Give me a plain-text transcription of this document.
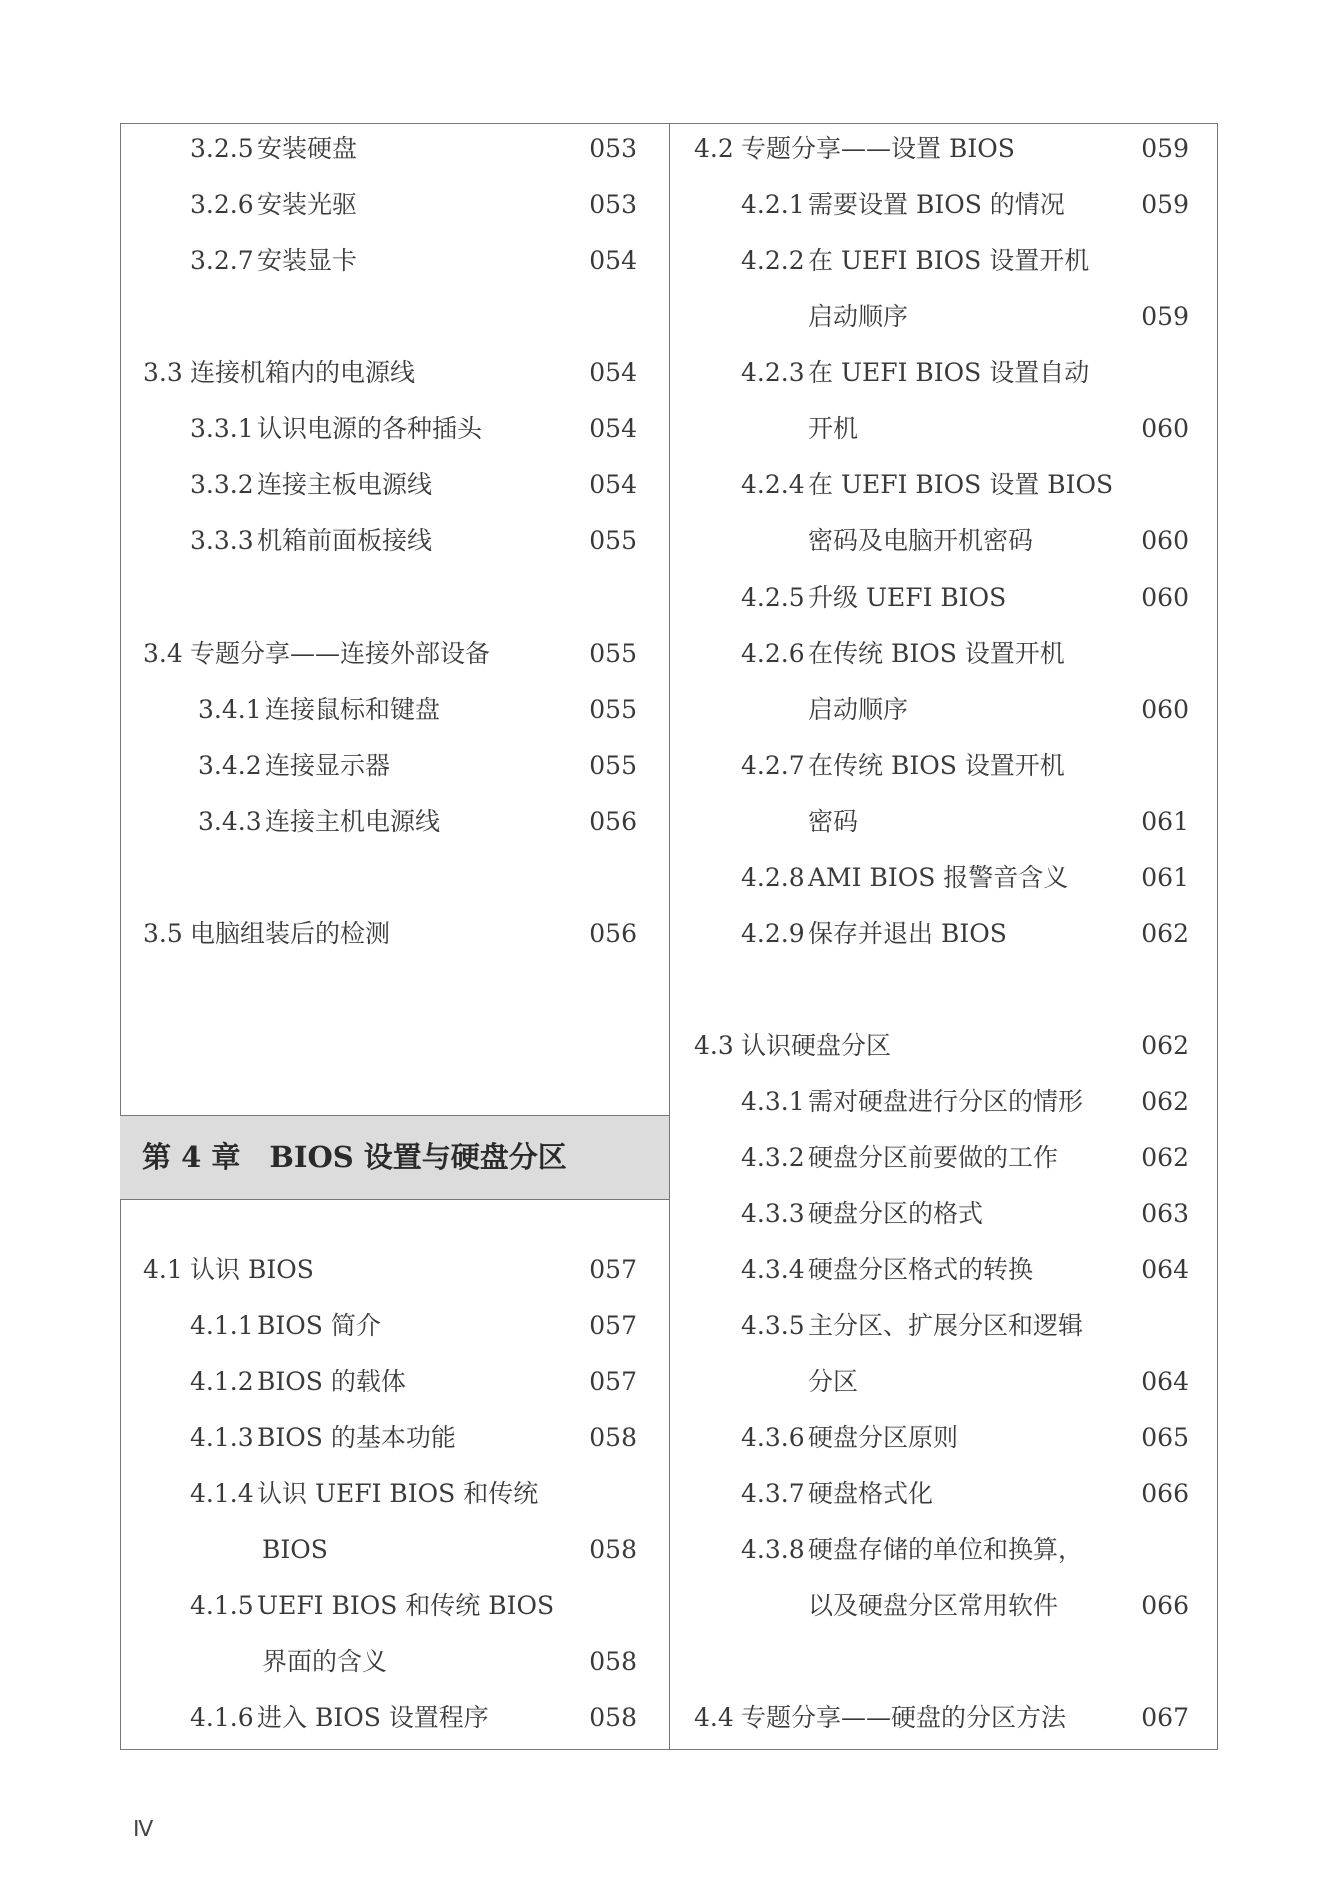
3.2.5 安装硬盘	053
3.2.6 安装光驱	053
3.2.7 安装显卡	054
3.3 连接机箱内的电源线	054
3.3.1 认识电源的各种插头	054
3.3.2 连接主板电源线	054
3.3.3 机箱前面板接线	055
3.4 专题分享——连接外部设备	055
3.4.1 连接鼠标和键盘	055
3.4.2 连接显示器	055
3.4.3 连接主机电源线	056
3.5 电脑组装后的检测	056
4.1 认识 BIOS	057
4.1.1 BIOS 简介	057
4.1.2 BIOS 的载体	057
4.1.3 BIOS 的基本功能	058
4.1.4 认识 UEFI BIOS 和传统
BIOS	058
4.1.5 UEFI BIOS 和传统 BIOS
界面的含义	058
4.1.6 进入 BIOS 设置程序	058
第 4 章　BIOS 设置与硬盘分区
4.2 专题分享——设置 BIOS	059
4.2.1 需要设置 BIOS 的情况	059
4.2.2 在 UEFI BIOS 设置开机
启动顺序	059
4.2.3 在 UEFI BIOS 设置自动
开机	060
4.2.4 在 UEFI BIOS 设置 BIOS
密码及电脑开机密码	060
4.2.5 升级 UEFI BIOS	060
4.2.6 在传统 BIOS 设置开机
启动顺序	060
4.2.7 在传统 BIOS 设置开机
密码	061
4.2.8 AMI BIOS 报警音含义	061
4.2.9 保存并退出 BIOS	062
4.3 认识硬盘分区	062
4.3.1 需对硬盘进行分区的情形	062
4.3.2 硬盘分区前要做的工作	062
4.3.3 硬盘分区的格式	063
4.3.4 硬盘分区格式的转换	064
4.3.5 主分区、扩展分区和逻辑
分区	064
4.3.6 硬盘分区原则	065
4.3.7 硬盘格式化	066
4.3.8 硬盘存储的单位和换算，
以及硬盘分区常用软件	066
4.4 专题分享——硬盘的分区方法	067
Ⅳ
